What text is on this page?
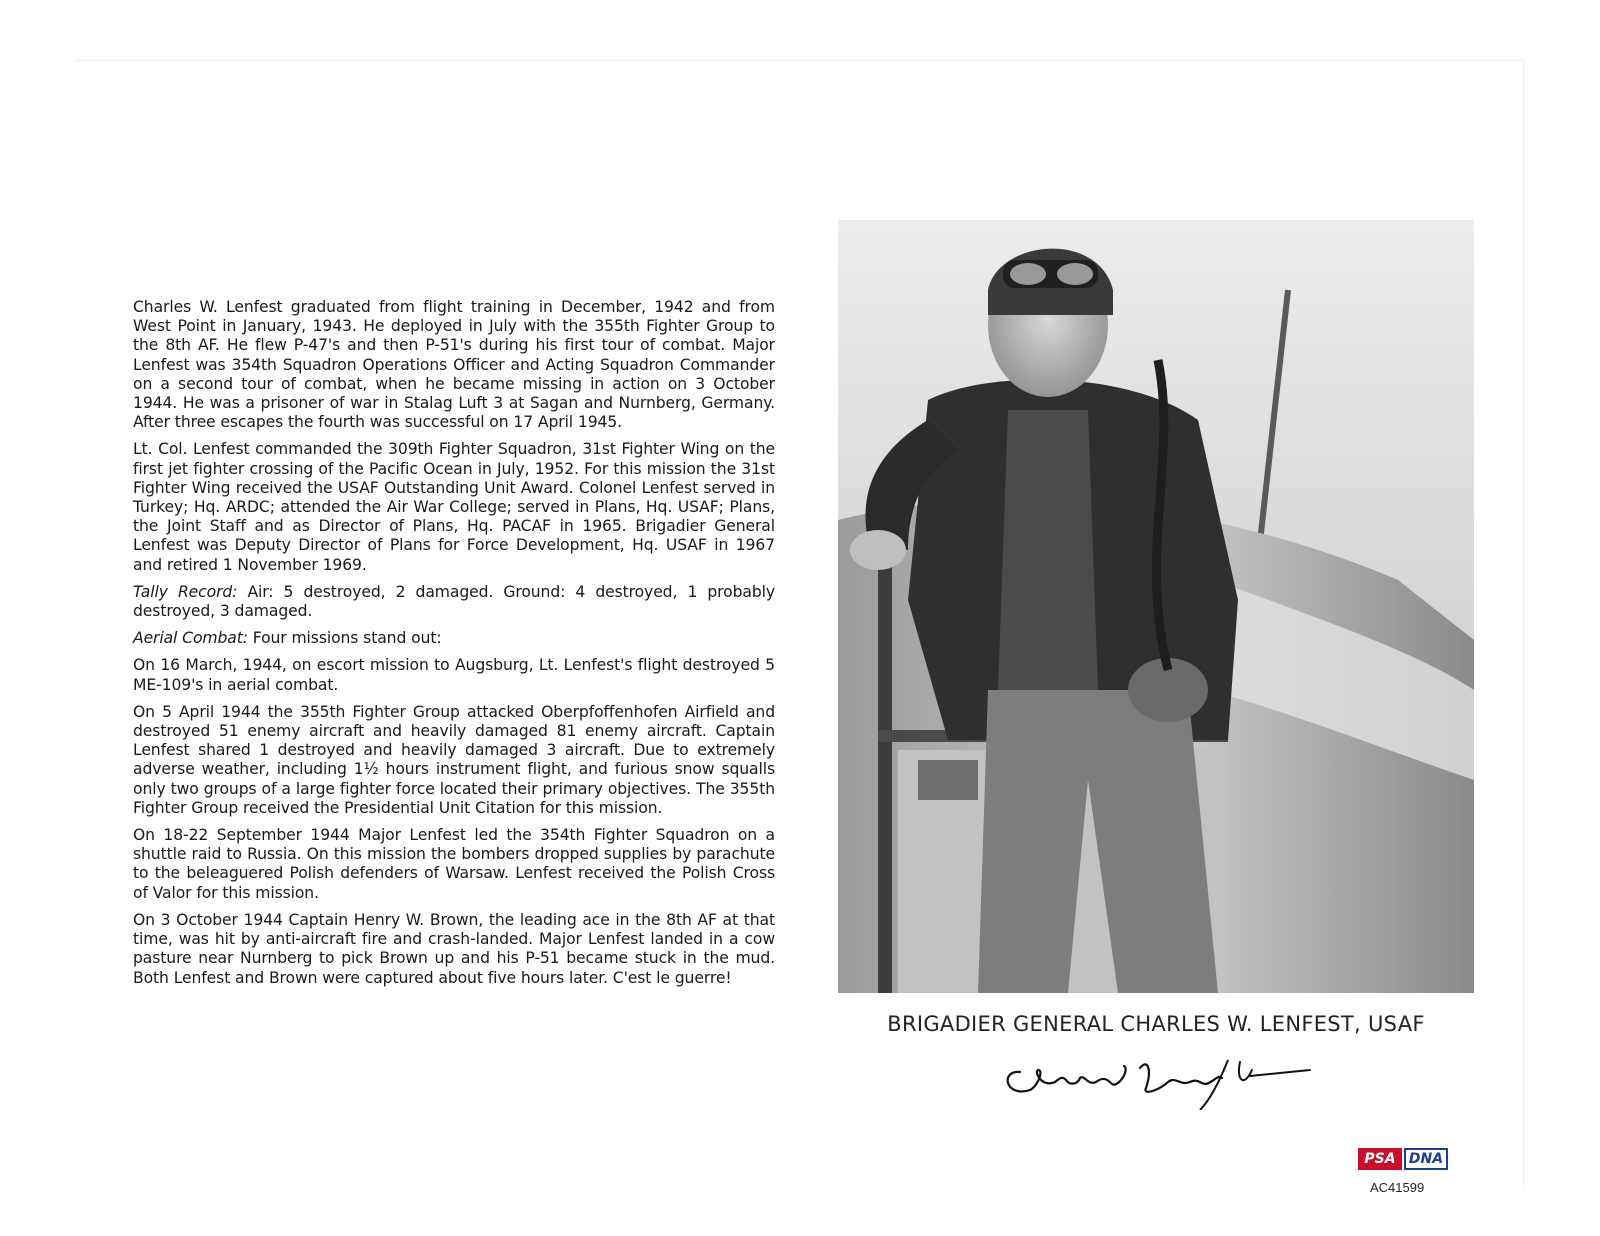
Charles W. Lenfest graduated from flight training in December, 1942 and from West Point in January, 1943. He deployed in July with the 355th Fighter Group to the 8th AF. He flew P-47's and then P-51's during his first tour of combat. Major Lenfest was 354th Squadron Operations Officer and Acting Squadron Commander on a second tour of combat, when he became missing in action on 3 October 1944. He was a prisoner of war in Stalag Luft 3 at Sagan and Nurnberg, Germany. After three escapes the fourth was successful on 17 April 1945.

Lt. Col. Lenfest commanded the 309th Fighter Squadron, 31st Fighter Wing on the first jet fighter crossing of the Pacific Ocean in July, 1952. For this mission the 31st Fighter Wing received the USAF Outstanding Unit Award. Colonel Lenfest served in Turkey; Hq. ARDC; attended the Air War College; served in Plans, Hq. USAF; Plans, the Joint Staff and as Director of Plans, Hq. PACAF in 1965. Brigadier General Lenfest was Deputy Director of Plans for Force Development, Hq. USAF in 1967 and retired 1 November 1969.

Tally Record: Air: 5 destroyed, 2 damaged. Ground: 4 destroyed, 1 probably destroyed, 3 damaged.

Aerial Combat: Four missions stand out:

On 16 March, 1944, on escort mission to Augsburg, Lt. Lenfest's flight destroyed 5 ME-109's in aerial combat.

On 5 April 1944 the 355th Fighter Group attacked Oberpfoffenhofen Airfield and destroyed 51 enemy aircraft and heavily damaged 81 enemy aircraft. Captain Lenfest shared 1 destroyed and heavily damaged 3 aircraft. Due to extremely adverse weather, including 1½ hours instrument flight, and furious snow squalls only two groups of a large fighter force located their primary objectives. The 355th Fighter Group received the Presidential Unit Citation for this mission.

On 18-22 September 1944 Major Lenfest led the 354th Fighter Squadron on a shuttle raid to Russia. On this mission the bombers dropped supplies by parachute to the beleaguered Polish defenders of Warsaw. Lenfest received the Polish Cross of Valor for this mission.

On 3 October 1944 Captain Henry W. Brown, the leading ace in the 8th AF at that time, was hit by anti-aircraft fire and crash-landed. Major Lenfest landed in a cow pasture near Nurnberg to pick Brown up and his P-51 became stuck in the mud. Both Lenfest and Brown were captured about five hours later. C'est le guerre!

BRIGADIER GENERAL CHARLES W. LENFEST, USAF
PSA DNA
AC41599
